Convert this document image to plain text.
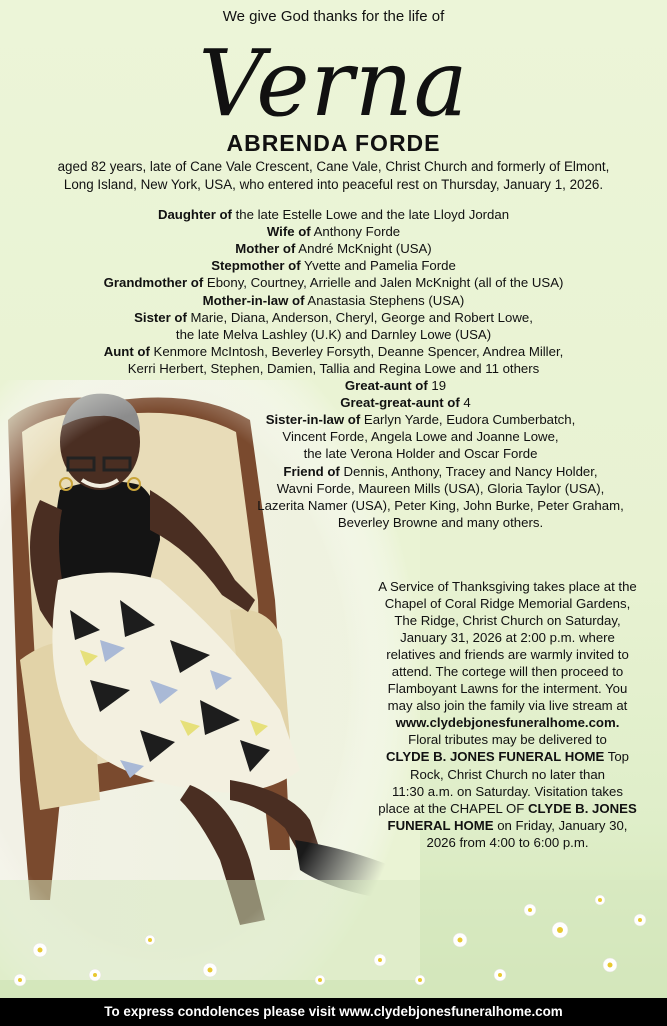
We give God thanks for the life of
Verna
ABRENDA FORDE
aged 82 years, late of Cane Vale Crescent, Cane Vale, Christ Church and formerly of Elmont,
Long Island, New York, USA, who entered into peaceful rest on Thursday, January 1, 2026.
Daughter of the late Estelle Lowe and the late Lloyd Jordan
Wife of Anthony Forde
Mother of André McKnight (USA)
Stepmother of Yvette and Pamelia Forde
Grandmother of Ebony, Courtney, Arrielle and Jalen McKnight (all of the USA)
Mother-in-law of Anastasia Stephens (USA)
Sister of Marie, Diana, Anderson, Cheryl, George and Robert Lowe,
the late Melva Lashley (U.K) and Darnley Lowe (USA)
Aunt of Kenmore McIntosh, Beverley Forsyth, Deanne Spencer, Andrea Miller,
Kerri Herbert, Stephen, Damien, Tallia and Regina Lowe and 11 others
Great-aunt of 19
Great-great-aunt of 4
Sister-in-law of Earlyn Yarde, Eudora Cumberbatch,
Vincent Forde, Angela Lowe and Joanne Lowe,
the late Verona Holder and Oscar Forde
Friend of Dennis, Anthony, Tracey and Nancy Holder,
Wavni Forde, Maureen Mills (USA), Gloria Taylor (USA),
Lazerita Namer (USA), Peter King, John Burke, Peter Graham,
Beverley Browne and many others.
A Service of Thanksgiving takes place at the
Chapel of Coral Ridge Memorial Gardens,
The Ridge, Christ Church on Saturday,
January 31, 2026 at 2:00 p.m. where
relatives and friends are warmly invited to
attend. The cortege will then proceed to
Flamboyant Lawns for the interment. You
may also join the family via live stream at
www.clydebjonesfuneralhome.com.
Floral tributes may be delivered to
CLYDE B. JONES FUNERAL HOME Top
Rock, Christ Church no later than
11:30 a.m. on Saturday. Visitation takes
place at the CHAPEL OF CLYDE B. JONES
FUNERAL HOME on Friday, January 30,
2026 from 4:00 to 6:00 p.m.
To express condolences please visit www.clydebjonesfuneralhome.com
